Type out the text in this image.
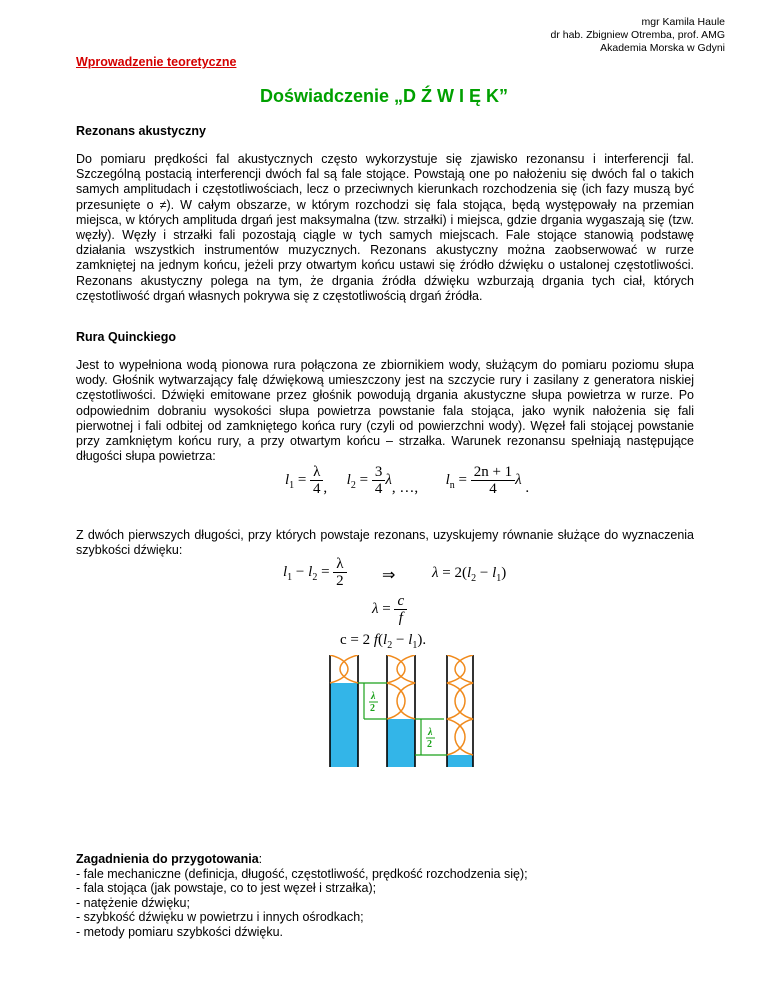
mgr Kamila Haule
dr hab. Zbigniew Otremba, prof. AMG
Akademia Morska w Gdyni
Wprowadzenie teoretyczne
Doświadczenie „D Ź W I Ę K”
Rezonans akustyczny

Do pomiaru prędkości fal akustycznych często wykorzystuje się zjawisko rezonansu i interferencji fal. Szczególną postacią interferencji dwóch fal są fale stojące. Powstają one po nałożeniu się dwóch fal o takich samych amplitudach i częstotliwościach, lecz o przeciwnych kierunkach rozchodzenia się (ich fazy muszą być przesunięte o ≠). W całym obszarze, w którym rozchodzi się fala stojąca, będą występowały na przemian miejsca, w których amplituda drgań jest maksymalna (tzw. strzałki) i miejsca, gdzie drgania wygaszają się (tzw. węzły). Węzły i strzałki fali pozostają ciągle w tych samych miejscach. Fale stojące stanowią podstawę działania wszystkich instrumentów muzycznych. Rezonans akustyczny można zaobserwować w rurze zamkniętej na jednym końcu, jeżeli przy otwartym końcu ustawi się źródło dźwięku o ustalonej częstotliwości. Rezonans akustyczny polega na tym, że drgania źródła dźwięku wzburzają drgania tych ciał, których częstotliwość drgań własnych pokrywa się z częstotliwością drgań źródła.

Rura Quinckiego

Jest to wypełniona wodą pionowa rura połączona ze zbiornikiem wody, służącym do pomiaru poziomu słupa wody. Głośnik wytwarzający falę dźwiękową umieszczony jest na szczycie rury i zasilany z generatora niskiej częstotliwości. Dźwięki emitowane przez głośnik powodują drgania akustyczne słupa powietrza w rurze. Po odpowiednim dobraniu wysokości słupa powietrza powstanie fala stojąca, jako wynik nałożenia się fali pierwotnej i fali odbitej od zamkniętego końca rury (czyli od powierzchni wody). Węzeł fali stojącej powstanie przy zamkniętym końcu rury, a przy otwartym końcu – strzałka. Warunek rezonansu spełniają następujące długości słupa powietrza:

$l_1 = \frac{\lambda}{4}$ , $l_2 = \frac{3}{4} \lambda$, …, $l_n = \frac{2n + 1}{4}$ λ .

Z dwóch pierwszych długości, przy których powstaje rezonans, uzyskujemy równanie służące do wyznaczenia szybkości dźwięku:

$l_1 - l_2 = \frac{\lambda}{2}$ ⇒ $\lambda = 2(l_2 - l_1)$
$\lambda = \frac{c}{f}$
c = 2 $f(l_2 - l_1)$.
λ
2
λ
2
Zagadnienia do przygotowania:
- fale mechaniczne (definicja, długość, częstotliwość, prędkość rozchodzenia się);
- fala stojąca (jak powstaje, co to jest węzeł i strzałka);
- natężenie dźwięku;
- szybkość dźwięku w powietrzu i innych ośrodkach;
- metody pomiaru szybkości dźwięku.
